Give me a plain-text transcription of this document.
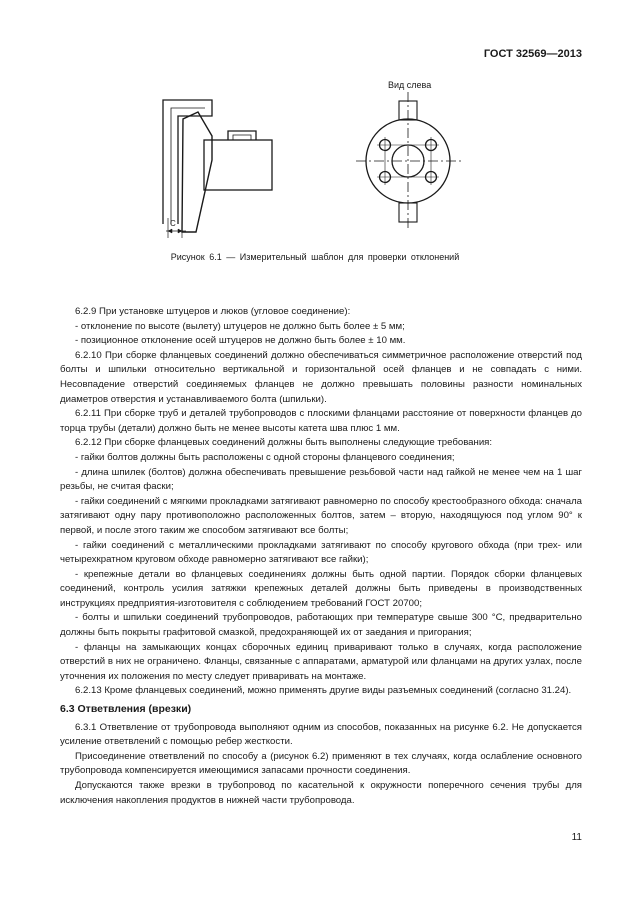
ГОСТ 32569—2013
C
Вид слева
Рисунок 6.1 — Измерительный шаблон для проверки отклонений

6.2.9 При установке штуцеров и люков (угловое соединение):

- отклонение по высоте (вылету) штуцеров не должно быть более ± 5 мм;

- позиционное отклонение осей штуцеров не должно быть более ± 10 мм.

6.2.10 При сборке фланцевых соединений должно обеспечиваться симметричное расположение отверстий под болты и шпильки относительно вертикальной и горизонтальной осей фланцев и не совпадать с ними. Несовпадение отверстий соединяемых фланцев не должно превышать половины разности номинальных диаметров отверстия и устанавливаемого болта (шпильки).

6.2.11 При сборке труб и деталей трубопроводов с плоскими фланцами расстояние от поверхности фланцев до торца трубы (детали) должно быть не менее высоты катета шва плюс 1 мм.

6.2.12 При сборке фланцевых соединений должны быть выполнены следующие требования:

- гайки болтов должны быть расположены с одной стороны фланцевого соединения;

- длина шпилек (болтов) должна обеспечивать превышение резьбовой части над гайкой не менее чем на 1 шаг резьбы, не считая фаски;

- гайки соединений с мягкими прокладками затягивают равномерно по способу крестообразного обхода: сначала затягивают одну пару противоположно расположенных болтов, затем – вторую, находящуюся под углом 90° к первой, и после этого таким же способом затягивают все болты;

- гайки соединений с металлическими прокладками затягивают по способу кругового обхода (при трех- или четырехкратном круговом обходе равномерно затягивают все гайки);

- крепежные детали во фланцевых соединениях должны быть одной партии. Порядок сборки фланцевых соединений, контроль усилия затяжки крепежных деталей должны быть приведены в производственных инструкциях предприятия-изготовителя с соблюдением требований ГОСТ 20700;

- болты и шпильки соединений трубопроводов, работающих при температуре свыше 300 °С, предварительно должны быть покрыты графитовой смазкой, предохраняющей их от заедания и пригорания;

- фланцы на замыкающих концах сборочных единиц приваривают только в случаях, когда расположение отверстий в них не ограничено. Фланцы, связанные с аппаратами, арматурой или фланцами на других узлах, после уточнения их положения по месту следует приваривать на монтаже.

6.2.13 Кроме фланцевых соединений, можно применять другие виды разъемных соединений (согласно 31.24).

6.3 Ответвления (врезки)

6.3.1 Ответвление от трубопровода выполняют одним из способов, показанных на рисунке 6.2. Не допускается усиление ответвлений с помощью ребер жесткости.

Присоединение ответвлений по способу а (рисунок 6.2) применяют в тех случаях, когда ослабление основного трубопровода компенсируется имеющимися запасами прочности соединения.

Допускаются также врезки в трубопровод по касательной к окружности поперечного сечения трубы для исключения накопления продуктов в нижней части трубопровода.

11
